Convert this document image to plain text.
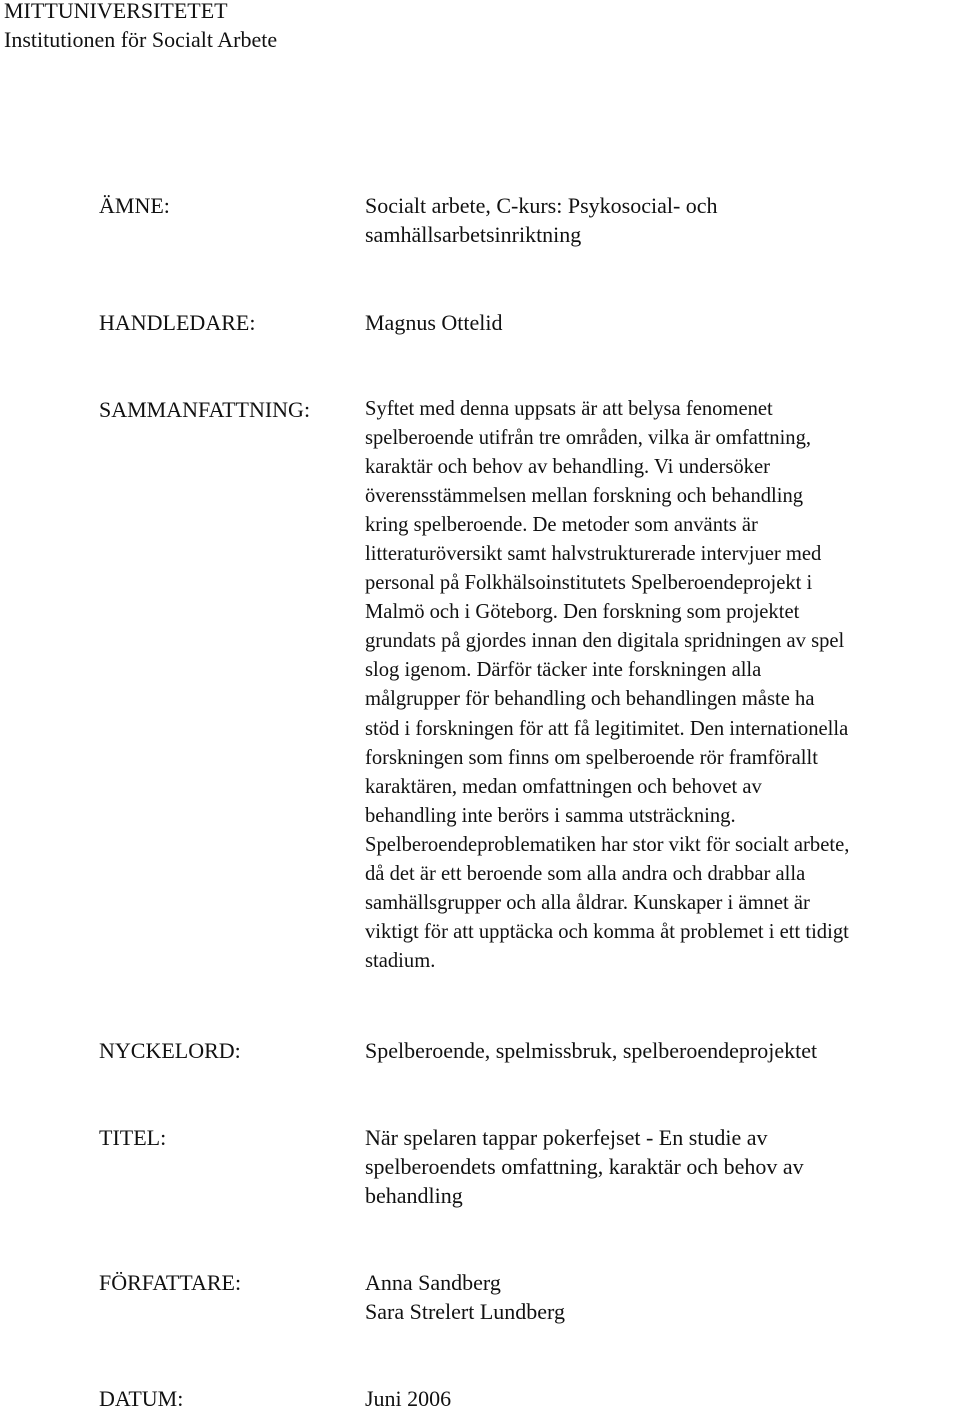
MITTUNIVERSITETET
Institutionen för Socialt Arbete
ÄMNE:	Socialt arbete, C-kurs: Psykosocial- och
samhällsarbetsinriktning
HANDLEDARE:	Magnus Ottelid
SAMMANFATTNING:	Syftet med denna uppsats är att belysa fenomenet
spelberoende utifrån tre områden, vilka är omfattning,
karaktär och behov av behandling. Vi undersöker
överensstämmelsen mellan forskning och behandling
kring spelberoende. De metoder som använts är
litteraturöversikt samt halvstrukturerade intervjuer med
personal på Folkhälsoinstitutets Spelberoendeprojekt i
Malmö och i Göteborg. Den forskning som projektet
grundats på gjordes innan den digitala spridningen av spel
slog igenom. Därför täcker inte forskningen alla
målgrupper för behandling och behandlingen måste ha
stöd i forskningen för att få legitimitet. Den internationella
forskningen som finns om spelberoende rör framförallt
karaktären, medan omfattningen och behovet av
behandling inte berörs i samma utsträckning.
Spelberoendeproblematiken har stor vikt för socialt arbete,
då det är ett beroende som alla andra och drabbar alla
samhällsgrupper och alla åldrar. Kunskaper i ämnet är
viktigt för att upptäcka och komma åt problemet i ett tidigt
stadium.
NYCKELORD:	Spelberoende, spelmissbruk, spelberoendeprojektet
TITEL:	När spelaren tappar pokerfejset - En studie av
spelberoendets omfattning, karaktär och behov av
behandling
FÖRFATTARE:	Anna Sandberg
Sara Strelert Lundberg
DATUM:	Juni 2006
